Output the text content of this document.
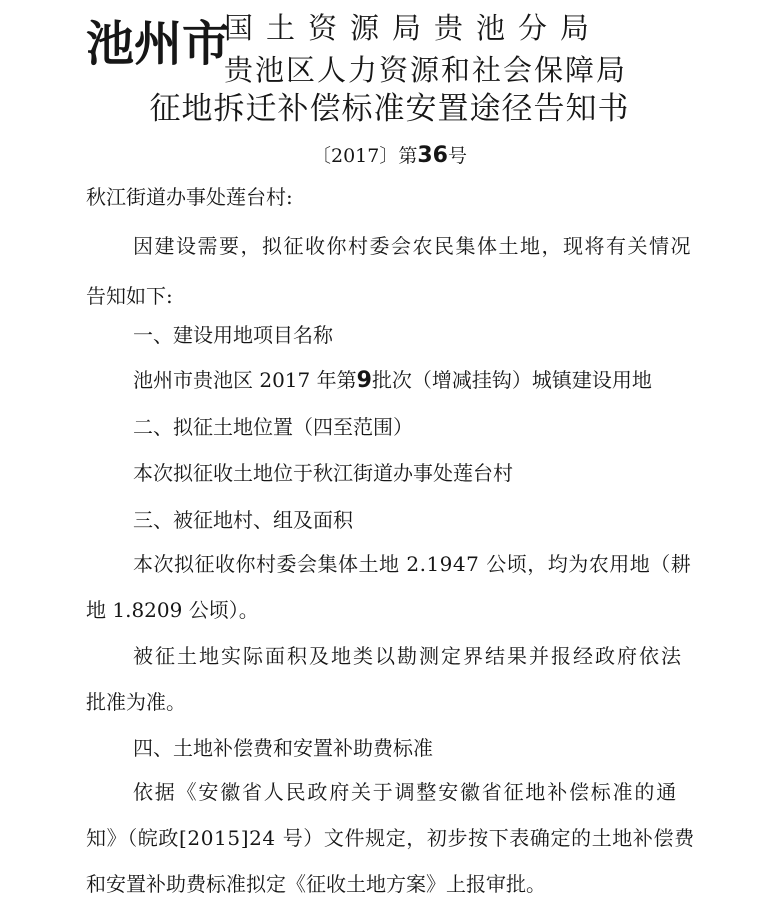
池州市
国土资源局贵池分局
贵池区人力资源和社会保障局
征地拆迁补偿标准安置途径告知书
〔2017〕第36号
秋江街道办事处莲台村:
因建设需要，拟征收你村委会农民集体土地，现将有关情况
告知如下:
一、建设用地项目名称
池州市贵池区 2017 年第9批次（增减挂钩）城镇建设用地
二、拟征土地位置（四至范围）
本次拟征收土地位于秋江街道办事处莲台村
三、被征地村、组及面积
本次拟征收你村委会集体土地 2.1947 公顷，均为农用地（耕
地 1.8209 公顷）。
被征土地实际面积及地类以勘测定界结果并报经政府依法
批准为准。
四、土地补偿费和安置补助费标准
依据《安徽省人民政府关于调整安徽省征地补偿标准的通
知》（皖政[2015]24 号）文件规定，初步按下表确定的土地补偿费
和安置补助费标准拟定《征收土地方案》上报审批。
